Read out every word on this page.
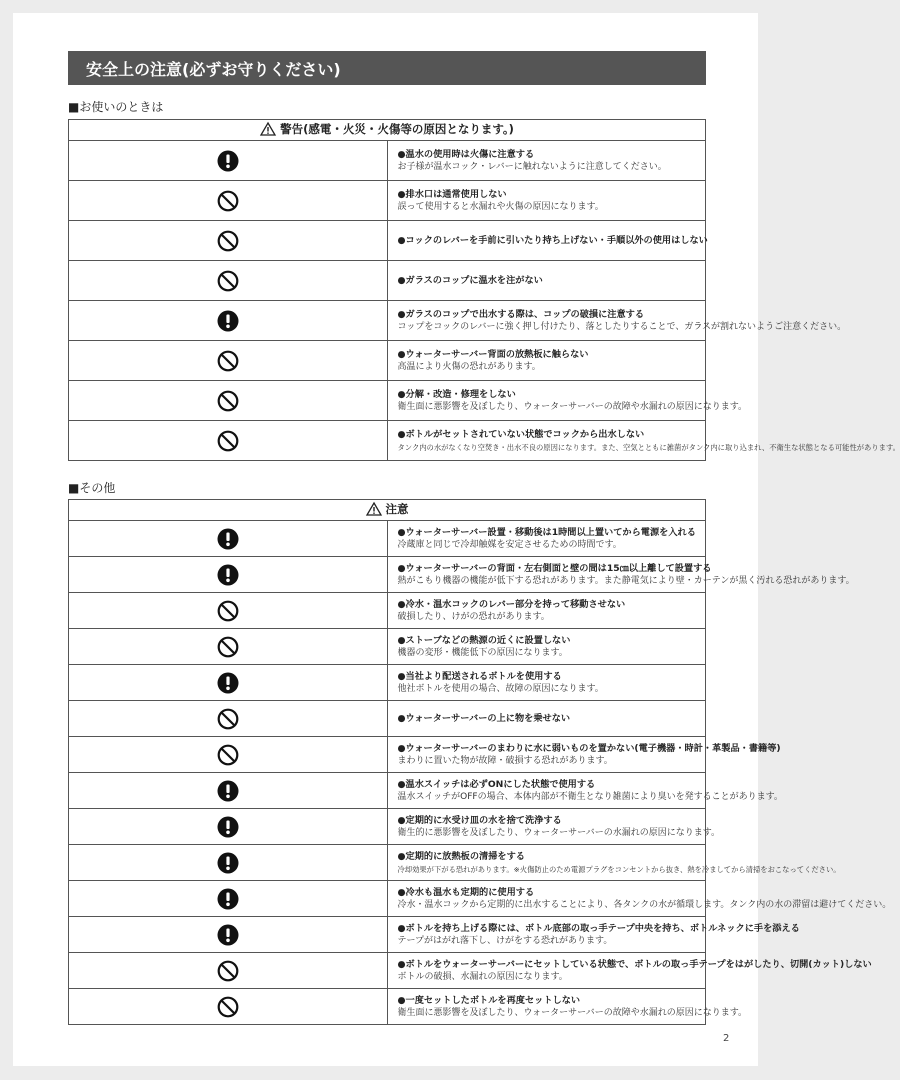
安全上の注意(必ずお守りください)
■お使いのときは
警告(感電・火災・火傷等の原因となります。)	

●温水の使用時は火傷に注意する
お子様が温水コック・レバーに触れないように注意してください。

●排水口は通常使用しない
誤って使用すると水漏れや火傷の原因になります。

●コックのレバーを手前に引いたり持ち上げない・手順以外の使用はしない

●ガラスのコップに温水を注がない

●ガラスのコップで出水する際は、コップの破損に注意する
コップをコックのレバーに強く押し付けたり、落としたりすることで、ガラスが割れないようご注意ください。

●ウォーターサーバー背面の放熱板に触らない
高温により火傷の恐れがあります。

●分解・改造・修理をしない
衛生面に悪影響を及ぼしたり、ウォーターサーバーの故障や水漏れの原因になります。

●ボトルがセットされていない状態でコックから出水しない
タンク内の水がなくなり空焚き・出水不良の原因になります。また、空気とともに雑菌がタンク内に取り込まれ、不衛生な状態となる可能性があります。
■その他
注意	

●ウォーターサーバー設置・移動後は1時間以上置いてから電源を入れる
冷蔵庫と同じで冷却触媒を安定させるための時間です。

●ウォーターサーバーの背面・左右側面と壁の間は15㎝以上離して設置する
熱がこもり機器の機能が低下する恐れがあります。また静電気により壁・カーテンが黒く汚れる恐れがあります。

●冷水・温水コックのレバー部分を持って移動させない
破損したり、けがの恐れがあります。

●ストーブなどの熱源の近くに設置しない
機器の変形・機能低下の原因になります。

●当社より配送されるボトルを使用する
他社ボトルを使用の場合、故障の原因になります。

●ウォーターサーバーの上に物を乗せない

●ウォーターサーバーのまわりに水に弱いものを置かない(電子機器・時計・革製品・書籍等)
まわりに置いた物が故障・破損する恐れがあります。

●温水スイッチは必ずONにした状態で使用する
温水スイッチがOFFの場合、本体内部が不衛生となり雑菌により臭いを発することがあります。

●定期的に水受け皿の水を捨て洗浄する
衛生的に悪影響を及ぼしたり、ウォーターサーバーの水漏れの原因になります。

●定期的に放熱板の清掃をする
冷却効果が下がる恐れがあります。※火傷防止のため電源プラグをコンセントから抜き、熱を冷ましてから清掃をおこなってください。

●冷水も温水も定期的に使用する
冷水・温水コックから定期的に出水することにより、各タンクの水が循環します。タンク内の水の滞留は避けてください。

●ボトルを持ち上げる際には、ボトル底部の取っ手テープ中央を持ち、ボトルネックに手を添える
テープがはがれ落下し、けがをする恐れがあります。

●ボトルをウォーターサーバーにセットしている状態で、ボトルの取っ手テープをはがしたり、切開(カット)しない
ボトルの破損、水漏れの原因になります。

●一度セットしたボトルを再度セットしない
衛生面に悪影響を及ぼしたり、ウォーターサーバーの故障や水漏れの原因になります。
2
